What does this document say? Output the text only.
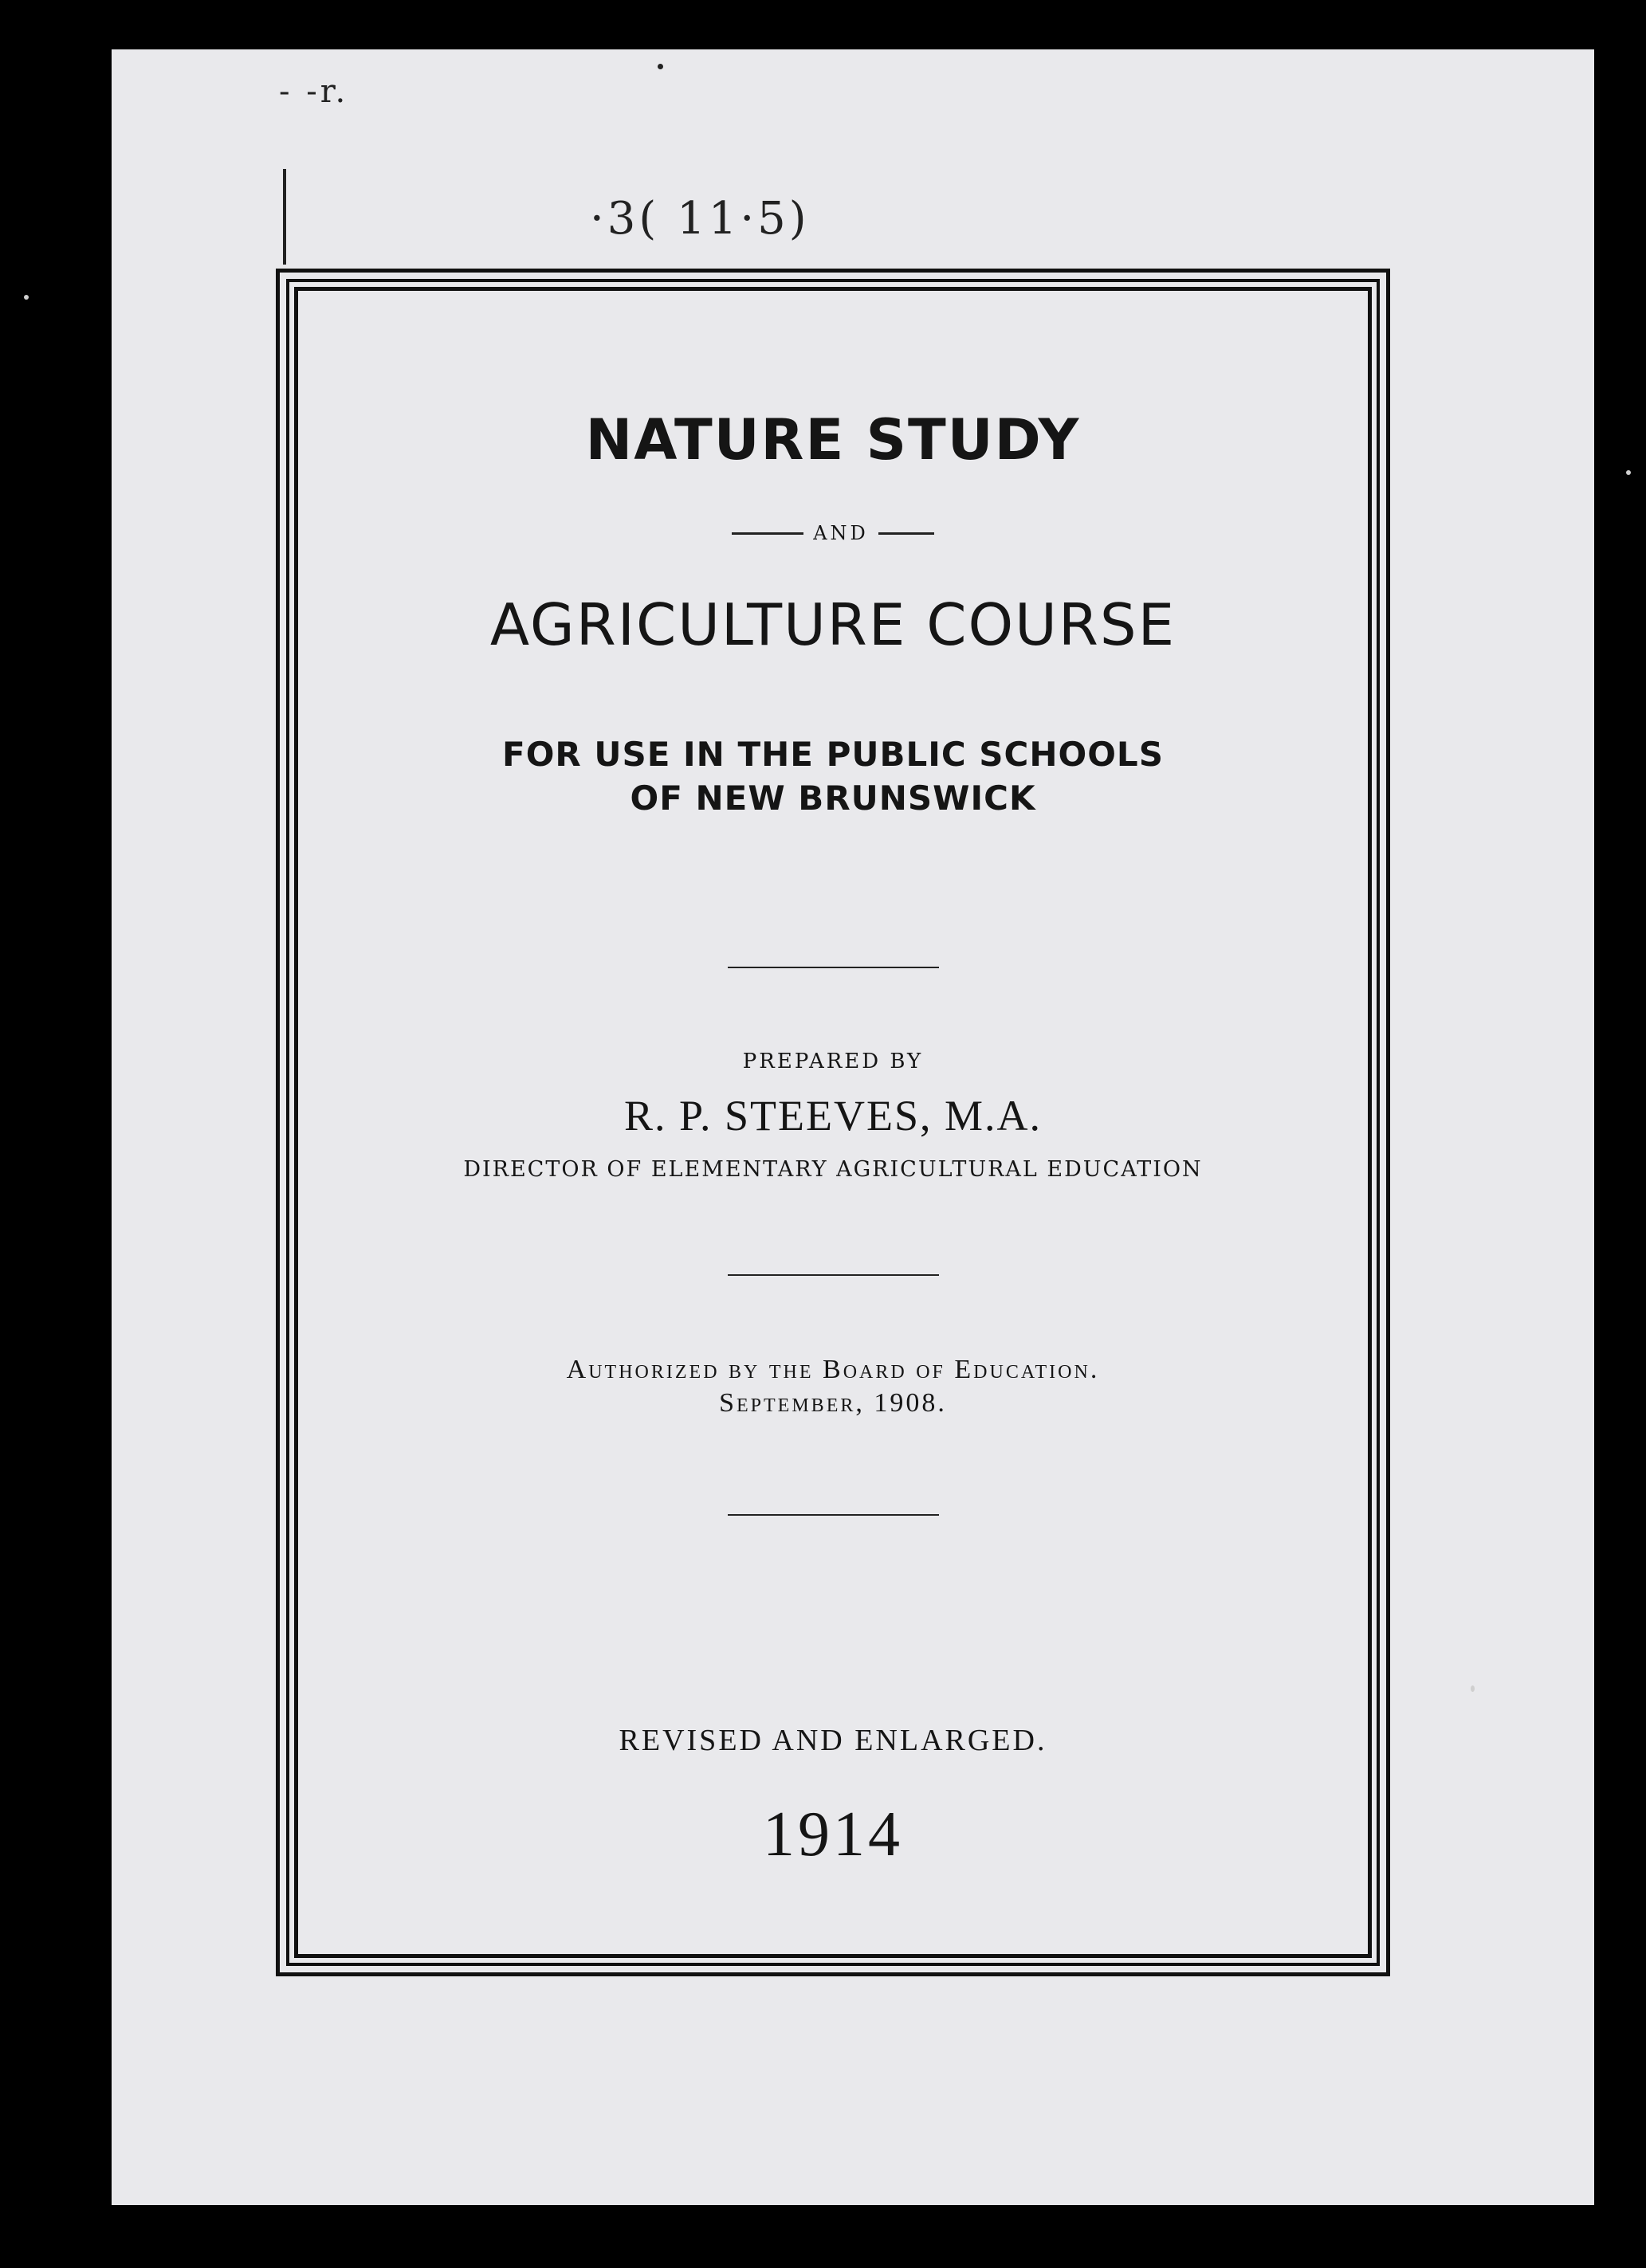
- -r.
·3( 11·5)
NATURE STUDY
AND
AGRICULTURE COURSE
FOR USE IN THE PUBLIC SCHOOLS
OF NEW BRUNSWICK
PREPARED BY
R. P. STEEVES, M.A.
DIRECTOR OF ELEMENTARY AGRICULTURAL EDUCATION
Authorized by the Board of Education.
September, 1908.
REVISED AND ENLARGED.
1914
